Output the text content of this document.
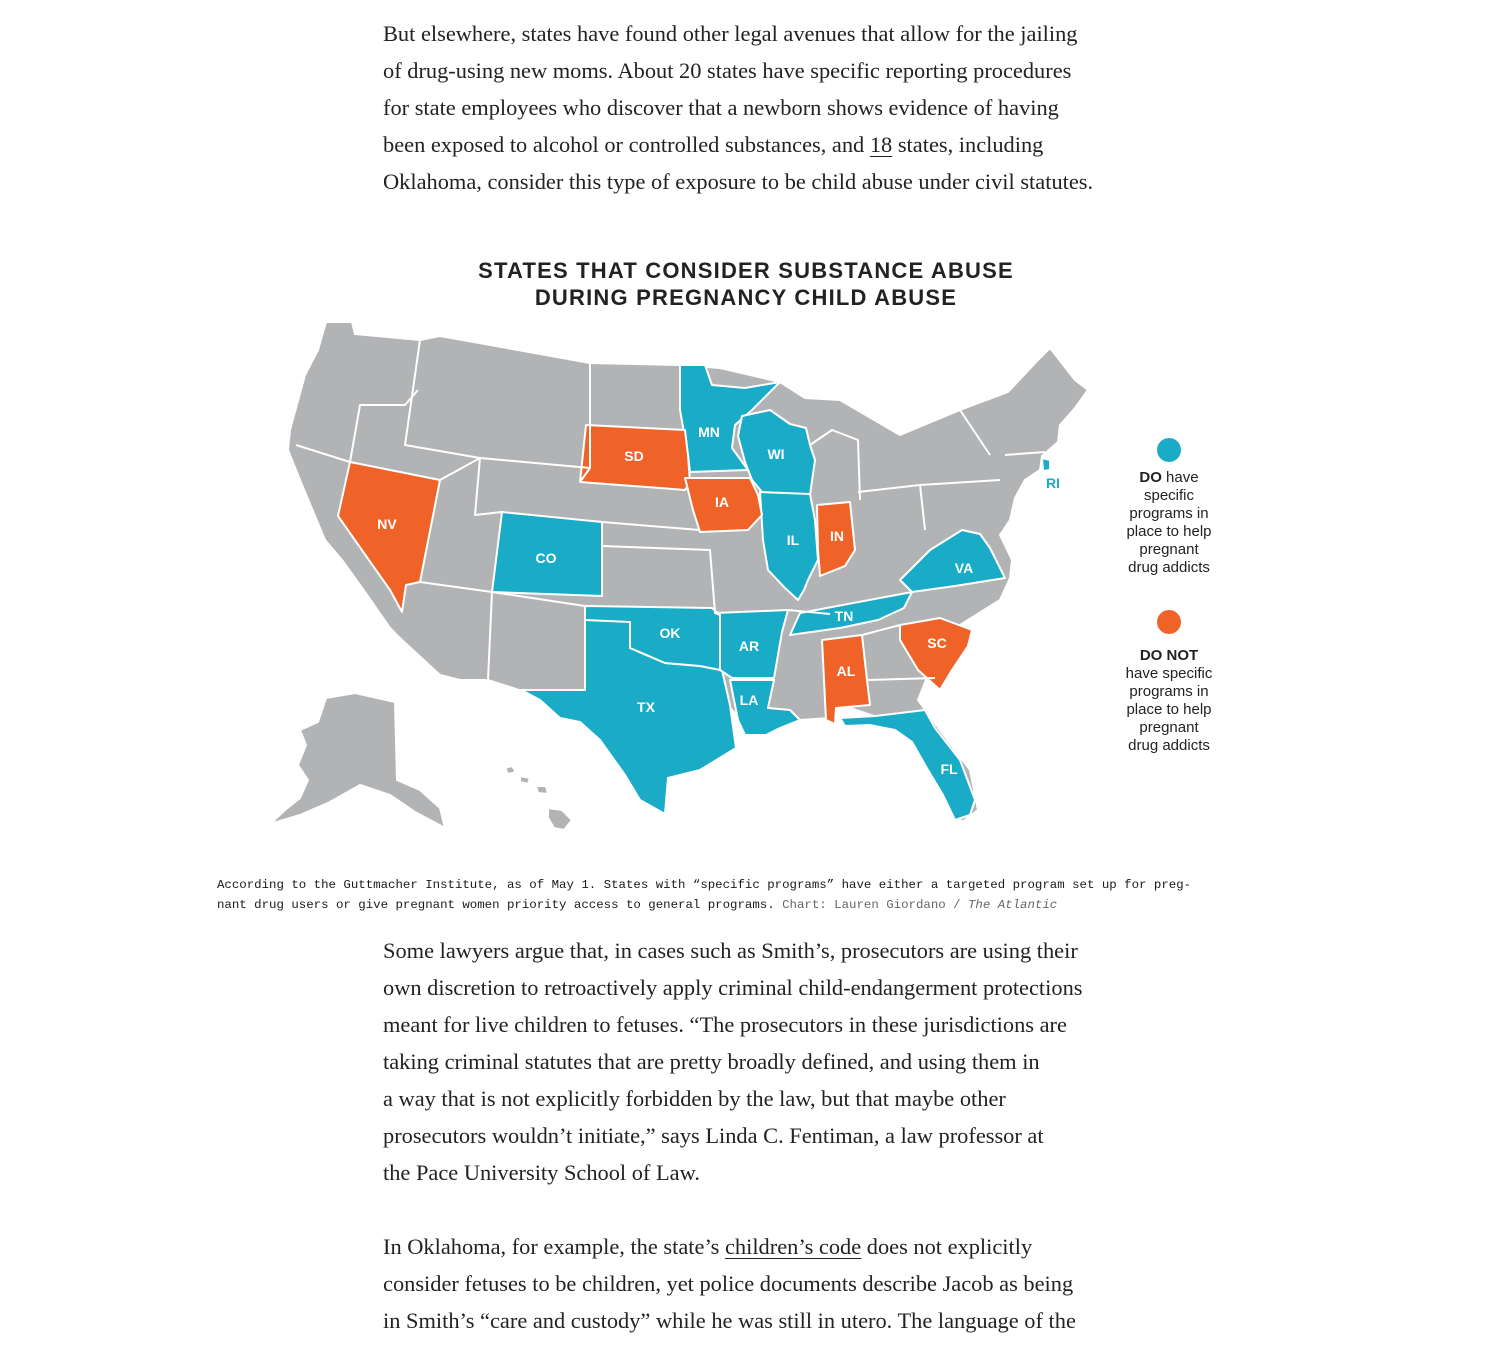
But elsewhere, states have found other legal avenues that allow for the jailing
of drug-using new moms. About 20 states have specific reporting procedures
for state employees who discover that a newborn shows evidence of having
been exposed to alcohol or controlled substances, and 18 states, including
Oklahoma, consider this type of exposure to be child abuse under civil statutes.
STATES THAT CONSIDER SUBSTANCE ABUSE
DURING PREGNANCY CHILD ABUSE
MN
SD	WI
IA
NV
IN
IL
CO
VA
TN
OK
SC
AR
AL
TX	LA
FL
RI	DO have
specific
programs in
place to help
pregnant
drug addicts
DO NOT
have specific
programs in
place to help
pregnant
drug addicts
According to the Guttmacher Institute, as of May 1. States with “specific programs” have either a targeted program set up for preg-
nant drug users or give pregnant women priority access to general programs. Chart: Lauren Giordano / The Atlantic
Some lawyers argue that, in cases such as Smith’s, prosecutors are using their
own discretion to retroactively apply criminal child-endangerment protections
meant for live children to fetuses. “The prosecutors in these jurisdictions are
taking criminal statutes that are pretty broadly defined, and using them in
a way that is not explicitly forbidden by the law, but that maybe other
prosecutors wouldn’t initiate,” says Linda C. Fentiman, a law professor at
the Pace University School of Law.
In Oklahoma, for example, the state’s children’s code does not explicitly
consider fetuses to be children, yet police documents describe Jacob as being
in Smith’s “care and custody” while he was still in utero. The language of the
